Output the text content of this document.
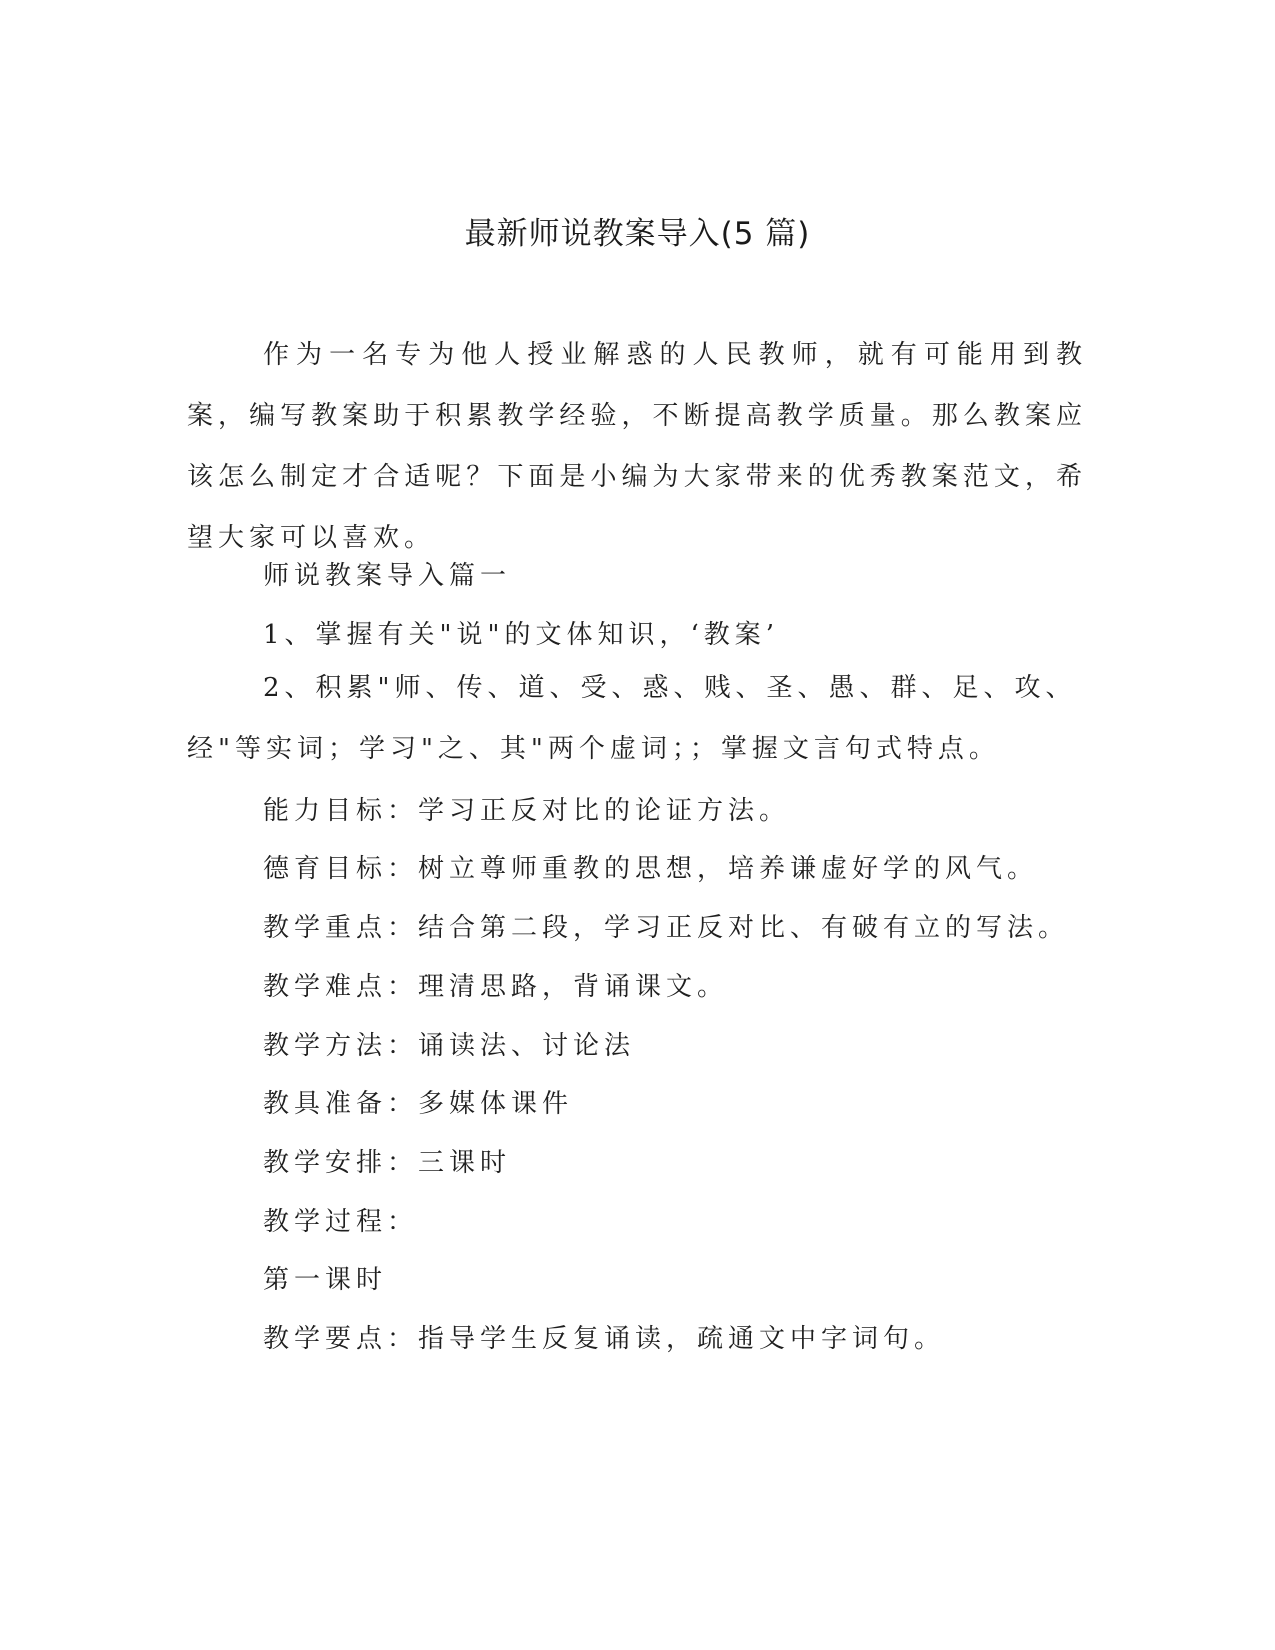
最新师说教案导入(5 篇)

作为一名专为他人授业解惑的人民教师，就有可能用到教案，编写教案助于积累教学经验，不断提高教学质量。那么教案应该怎么制定才合适呢？下面是小编为大家带来的优秀教案范文，希望大家可以喜欢。

师说教案导入篇一

1、掌握有关"说"的文体知识，‘教案’

2、积累"师、传、道、受、惑、贱、圣、愚、群、足、攻、经"等实词；学习"之、其"两个虚词；；掌握文言句式特点。

能力目标：学习正反对比的论证方法。

德育目标：树立尊师重教的思想，培养谦虚好学的风气。

教学重点：结合第二段，学习正反对比、有破有立的写法。

教学难点：理清思路，背诵课文。

教学方法：诵读法、讨论法

教具准备：多媒体课件

教学安排：三课时

教学过程：

第一课时

教学要点：指导学生反复诵读，疏通文中字词句。
